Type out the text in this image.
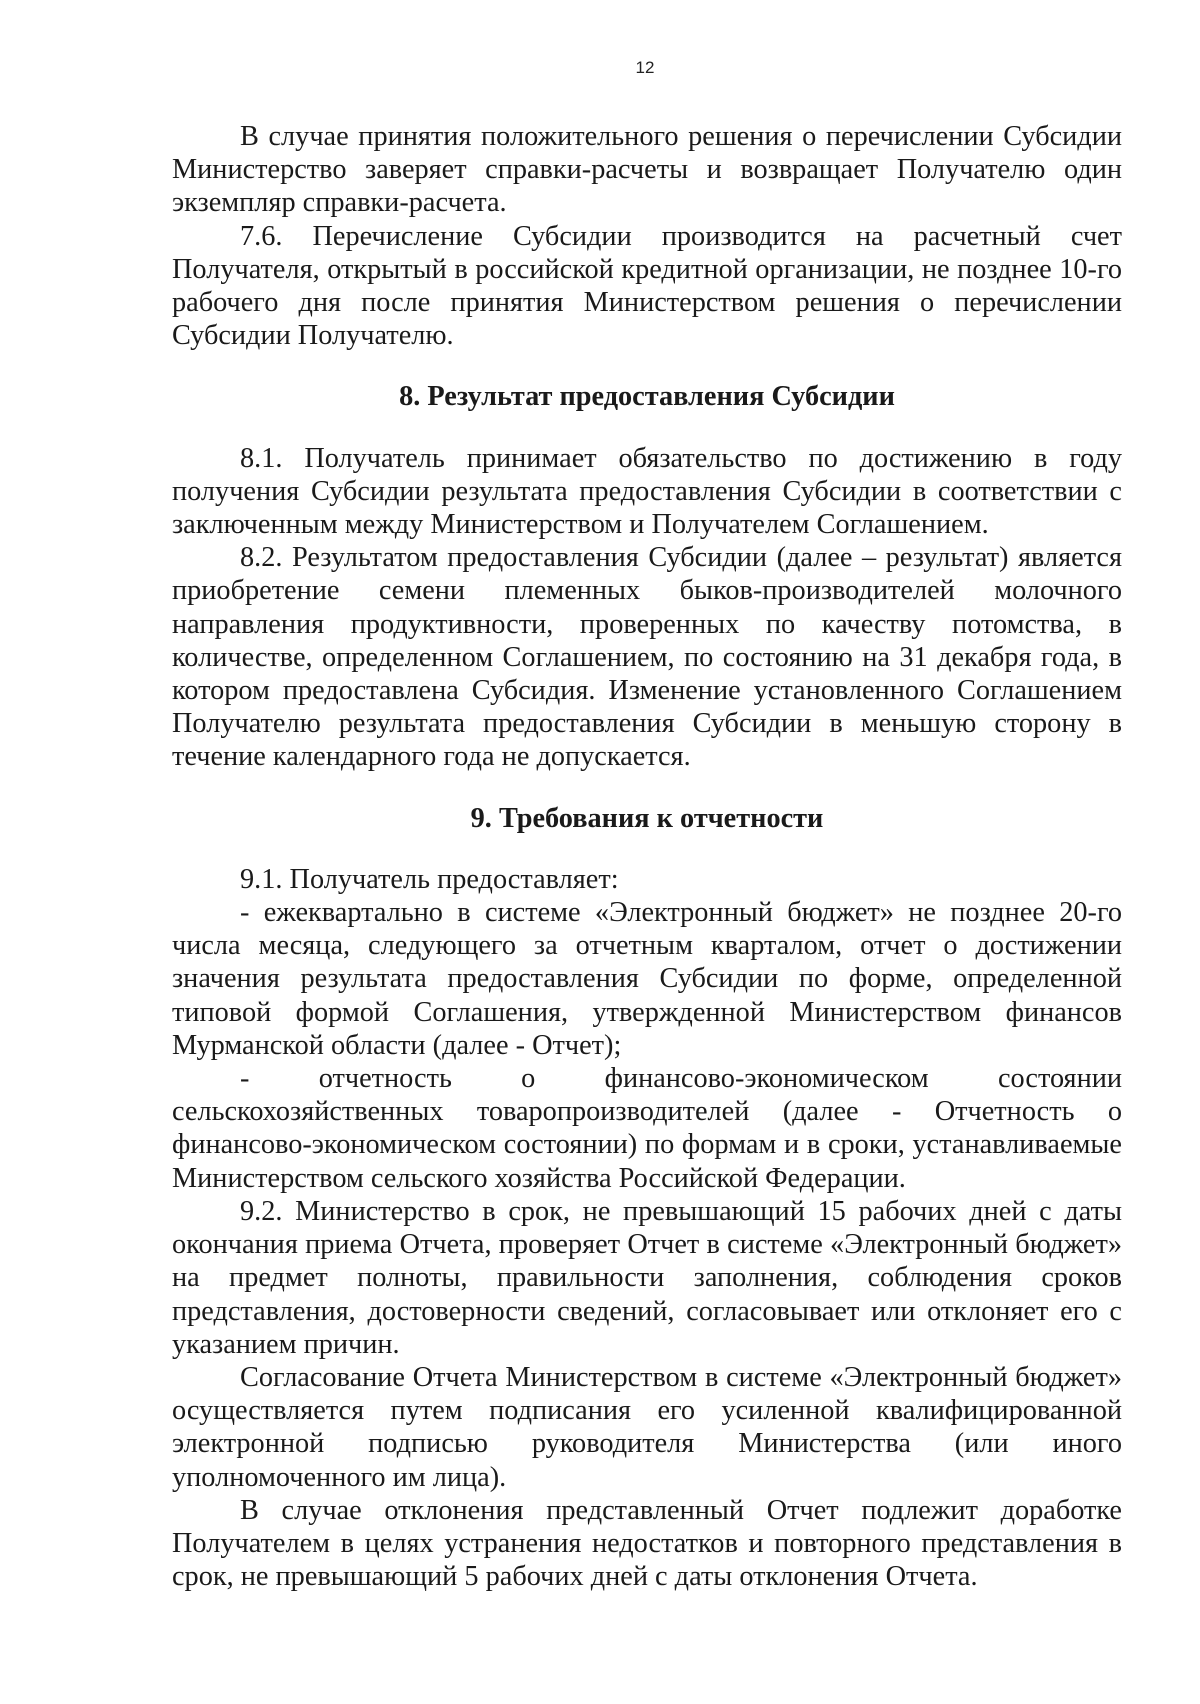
12

В случае принятия положительного решения о перечислении Субсидии Министерство заверяет справки-расчеты и возвращает Получателю один экземпляр справки-расчета.

7.6. Перечисление Субсидии производится на расчетный счет Получателя, открытый в российской кредитной организации, не позднее 10-го рабочего дня после принятия Министерством решения о перечислении Субсидии Получателю.

8. Результат предоставления Субсидии

8.1. Получатель принимает обязательство по достижению в году получения Субсидии результата предоставления Субсидии в соответствии с заключенным между Министерством и Получателем Соглашением.

8.2. Результатом предоставления Субсидии (далее – результат) является приобретение семени племенных быков-производителей молочного направления продуктивности, проверенных по качеству потомства, в количестве, определенном Соглашением, по состоянию на 31 декабря года, в котором предоставлена Субсидия. Изменение установленного Соглашением Получателю результата предоставления Субсидии в меньшую сторону в течение календарного года не допускается.

9. Требования к отчетности

9.1. Получатель предоставляет:

- ежеквартально в системе «Электронный бюджет» не позднее 20-го числа месяца, следующего за отчетным кварталом, отчет о достижении значения результата предоставления Субсидии по форме, определенной типовой формой Соглашения, утвержденной Министерством финансов Мурманской области (далее - Отчет);

- отчетность о финансово-экономическом состоянии сельскохозяйственных товаропроизводителей (далее - Отчетность о финансово-экономическом состоянии) по формам и в сроки, устанавливаемые Министерством сельского хозяйства Российской Федерации.

9.2. Министерство в срок, не превышающий 15 рабочих дней с даты окончания приема Отчета, проверяет Отчет в системе «Электронный бюджет» на предмет полноты, правильности заполнения, соблюдения сроков представления, достоверности сведений, согласовывает или отклоняет его с указанием причин.

Согласование Отчета Министерством в системе «Электронный бюджет» осуществляется путем подписания его усиленной квалифицированной электронной подписью руководителя Министерства (или иного уполномоченного им лица).

В случае отклонения представленный Отчет подлежит доработке Получателем в целях устранения недостатков и повторного представления в срок, не превышающий 5 рабочих дней с даты отклонения Отчета.
